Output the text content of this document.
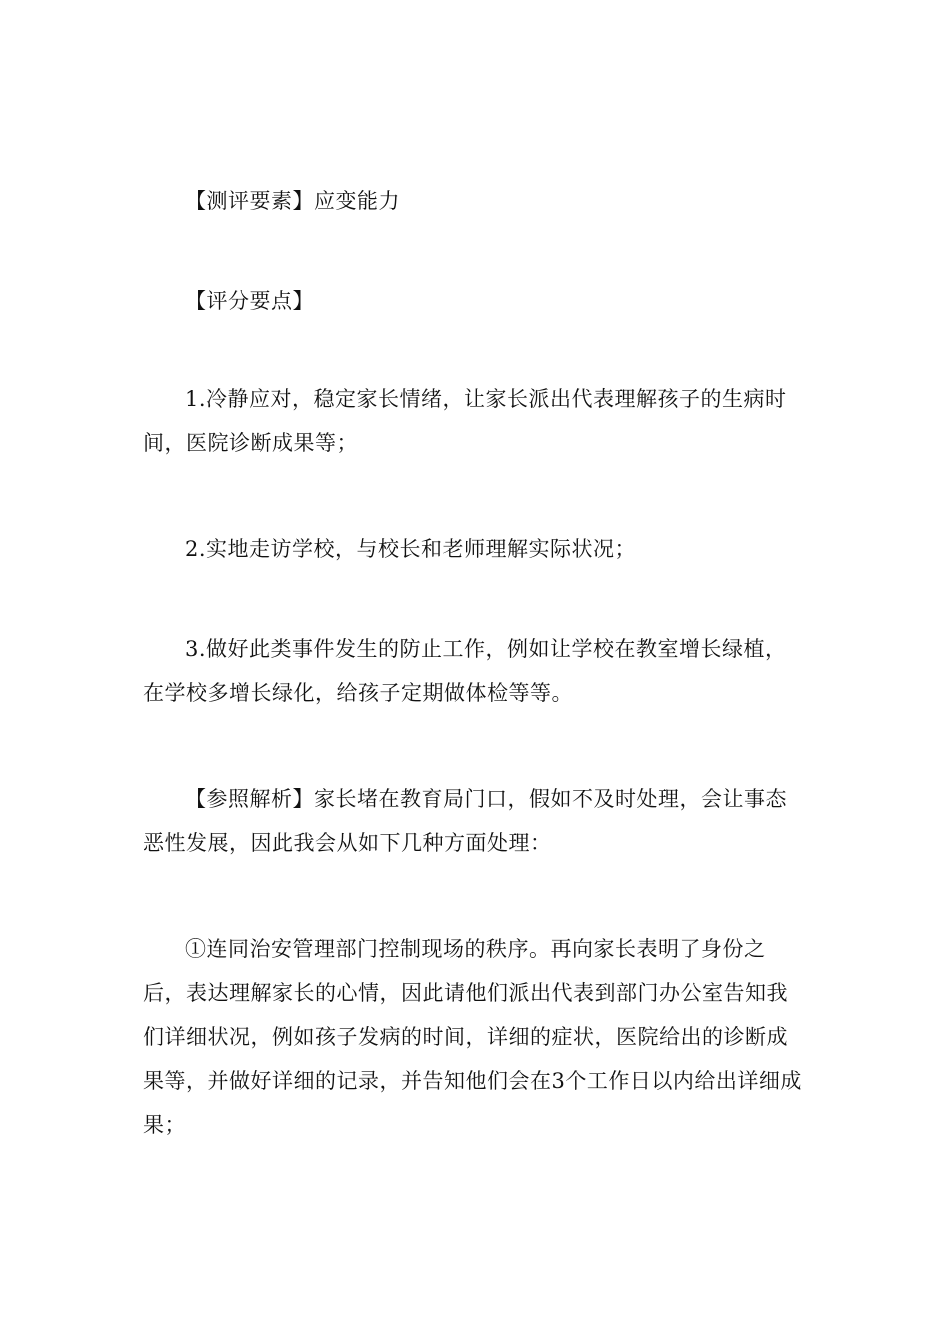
【测评要素】应变能力

【评分要点】

1.冷静应对，稳定家长情绪，让家长派出代表理解孩子的生病时间，医院诊断成果等；

2.实地走访学校，与校长和老师理解实际状况；

3.做好此类事件发生的防止工作，例如让学校在教室增长绿植，在学校多增长绿化，给孩子定期做体检等等。

【参照解析】家长堵在教育局门口，假如不及时处理，会让事态恶性发展，因此我会从如下几种方面处理：

①连同治安管理部门控制现场的秩序。再向家长表明了身份之后，表达理解家长的心情，因此请他们派出代表到部门办公室告知我们详细状况，例如孩子发病的时间，详细的症状，医院给出的诊断成果等，并做好详细的记录，并告知他们会在3个工作日以内给出详细成果；
